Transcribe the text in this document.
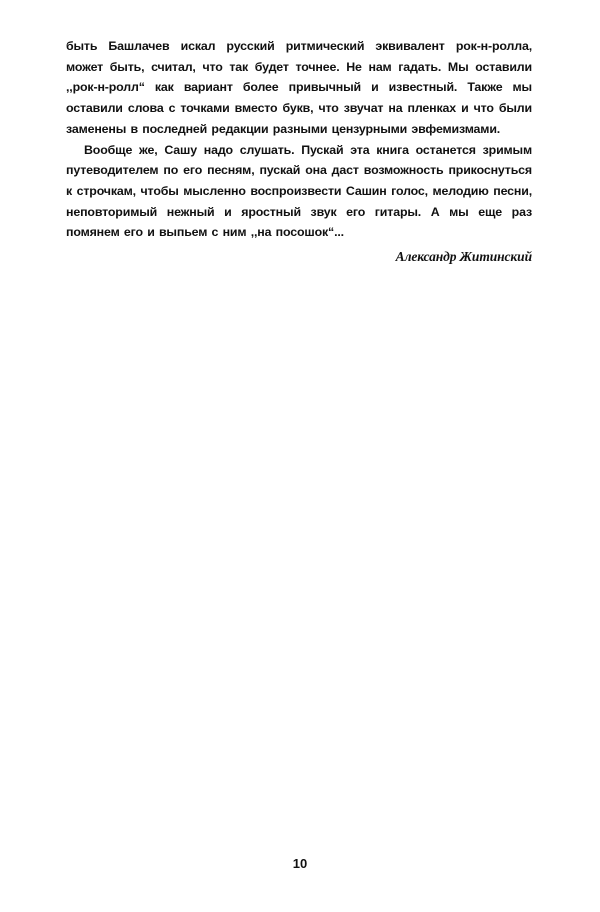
быть Башлачев искал русский ритмический эквивалент рок-н-ролла, может быть, считал, что так будет точнее. Не нам гадать. Мы оставили ,,рок-н-ролл“ как вариант более привычный и известный. Также мы оставили слова с точками вместо букв, что звучат на пленках и что были заменены в последней редакции разными цензурными эвфемизмами.

Вообще же, Сашу надо слушать. Пускай эта книга останется зримым путеводителем по его песням, пускай она даст возможность прикоснуться к строчкам, чтобы мысленно воспроизвести Сашин голос, мелодию песни, неповторимый нежный и яростный звук его гитары. А мы еще раз помянем его и выпьем с ним ,,на посошок“...

Александр Житинский
10
